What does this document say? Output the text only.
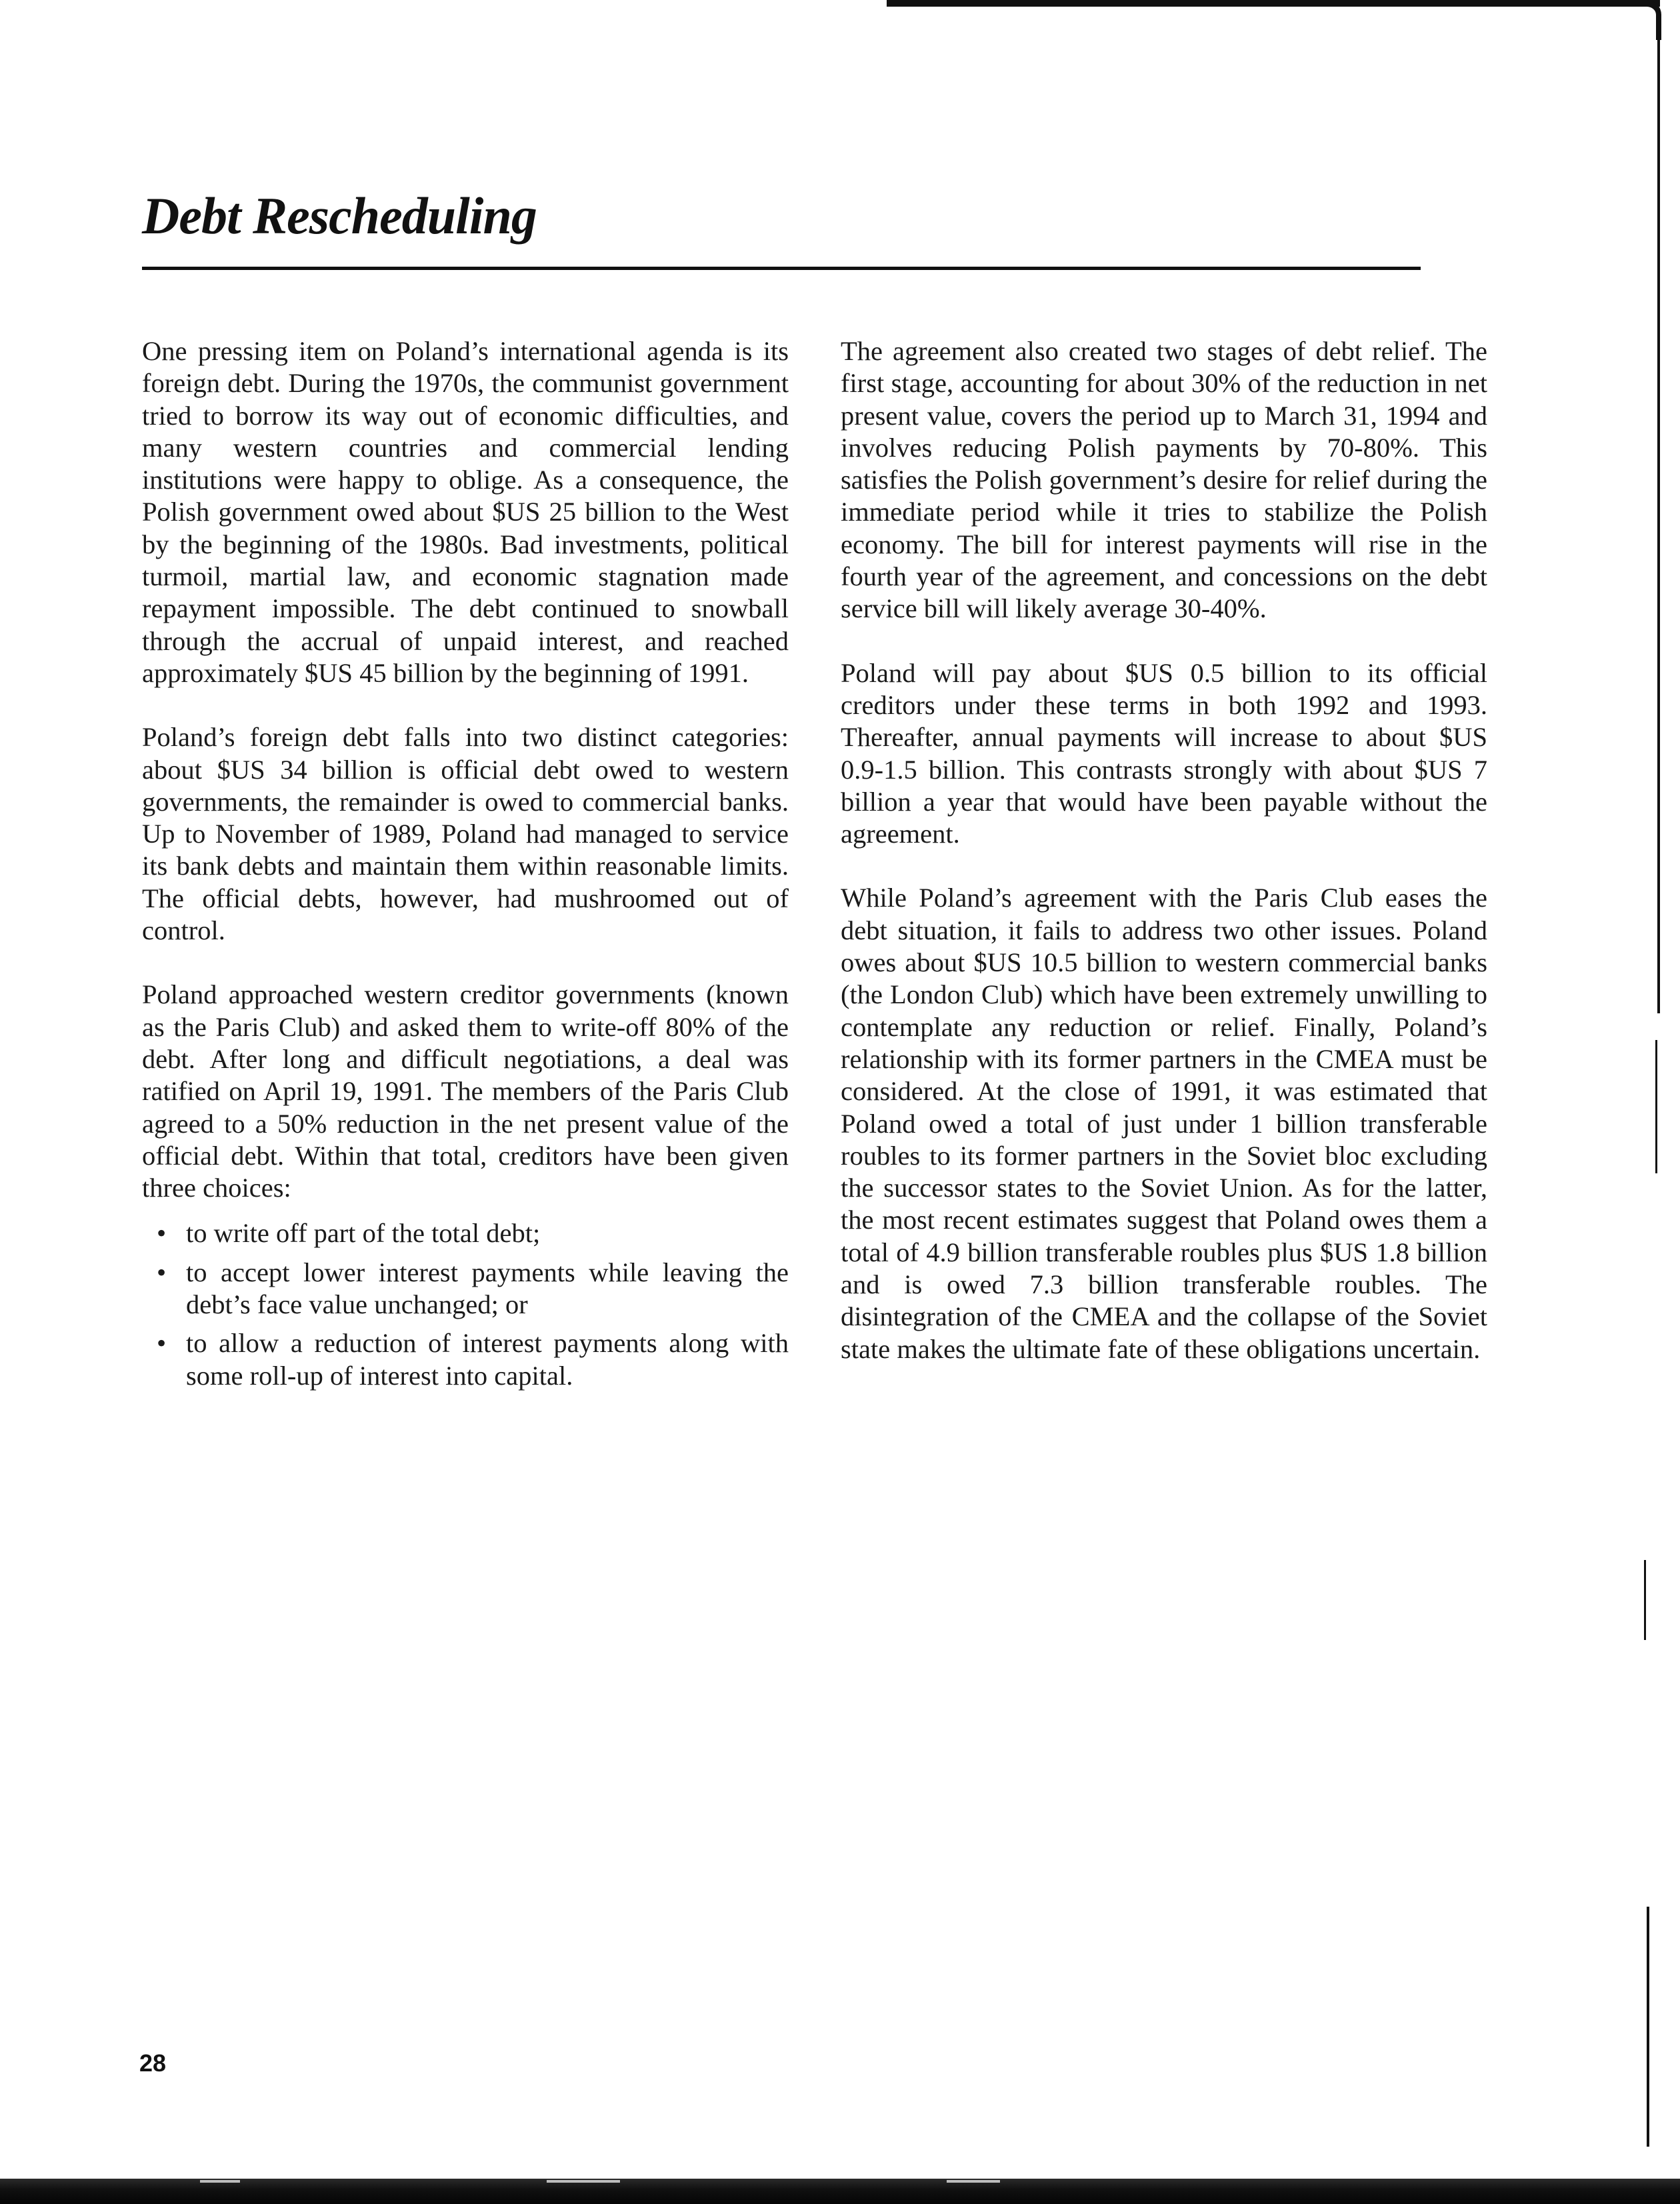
Debt Rescheduling

One pressing item on Poland’s international agenda is its foreign debt. During the 1970s, the communist government tried to borrow its way out of economic difficulties, and many western countries and commercial lending institutions were happy to oblige. As a consequence, the Polish government owed about $US 25 billion to the West by the beginning of the 1980s. Bad investments, political turmoil, martial law, and economic stagnation made repayment impossible. The debt continued to snowball through the accrual of unpaid interest, and reached approximately $US 45 billion by the beginning of 1991.

Poland’s foreign debt falls into two distinct categories: about $US 34 billion is official debt owed to western governments, the remainder is owed to commercial banks. Up to November of 1989, Poland had managed to service its bank debts and maintain them within reasonable limits. The official debts, however, had mushroomed out of control.

Poland approached western creditor governments (known as the Paris Club) and asked them to write-off 80% of the debt. After long and difficult negotiations, a deal was ratified on April 19, 1991. The members of the Paris Club agreed to a 50% reduction in the net present value of the official debt. Within that total, creditors have been given three choices:

• to write off part of the total debt;
• to accept lower interest payments while leaving the debt’s face value unchanged; or
• to allow a reduction of interest payments along with some roll-up of interest into capital.

The agreement also created two stages of debt relief. The first stage, accounting for about 30% of the reduction in net present value, covers the period up to March 31, 1994 and involves reducing Polish payments by 70-80%. This satisfies the Polish government’s desire for relief during the immediate period while it tries to stabilize the Polish economy. The bill for interest payments will rise in the fourth year of the agreement, and concessions on the debt service bill will likely average 30-40%.

Poland will pay about $US 0.5 billion to its official creditors under these terms in both 1992 and 1993. Thereafter, annual payments will increase to about $US 0.9-1.5 billion. This contrasts strongly with about $US 7 billion a year that would have been payable without the agreement.

While Poland’s agreement with the Paris Club eases the debt situation, it fails to address two other issues. Poland owes about $US 10.5 billion to western commercial banks (the London Club) which have been extremely unwilling to contemplate any reduction or relief. Finally, Poland’s relationship with its former partners in the CMEA must be considered. At the close of 1991, it was estimated that Poland owed a total of just under 1 billion transferable roubles to its former partners in the Soviet bloc excluding the successor states to the Soviet Union. As for the latter, the most recent estimates suggest that Poland owes them a total of 4.9 billion transferable roubles plus $US 1.8 billion and is owed 7.3 billion transferable roubles. The disintegration of the CMEA and the collapse of the Soviet state makes the ultimate fate of these obligations uncertain.

28
